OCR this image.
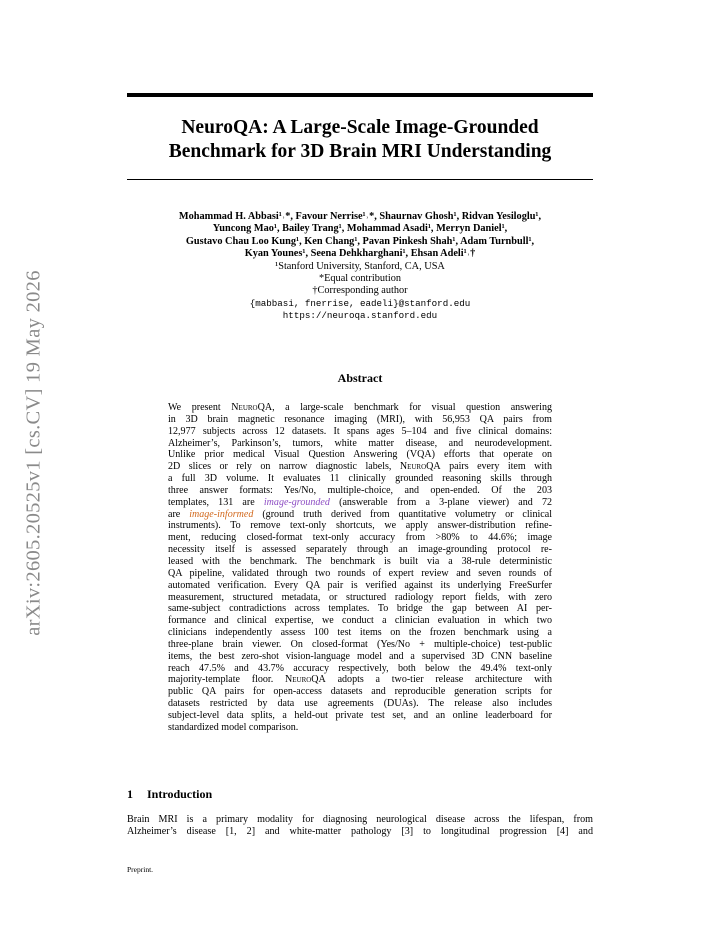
arXiv:2605.20525v1 [cs.CV] 19 May 2026
NeuroQA: A Large-Scale Image-Grounded
Benchmark for 3D Brain MRI Understanding
Mohammad H. Abbasi¹˒*, Favour Nerrise¹˒*, Shaurnav Ghosh¹, Ridvan Yesiloglu¹,
Yuncong Mao¹, Bailey Trang¹, Mohammad Asadi¹, Merryn Daniel¹,
Gustavo Chau Loo Kung¹, Ken Chang¹, Pavan Pinkesh Shah¹, Adam Turnbull¹,
Kyan Younes¹, Seena Dehkharghani¹, Ehsan Adeli¹˒†
¹Stanford University, Stanford, CA, USA
*Equal contribution
†Corresponding author
{mabbasi, fnerrise, eadeli}@stanford.edu
https://neuroqa.stanford.edu
Abstract
We present NeuroQA, a large-scale benchmark for visual question answering
in 3D brain magnetic resonance imaging (MRI), with 56,953 QA pairs from
12,977 subjects across 12 datasets. It spans ages 5–104 and five clinical domains:
Alzheimer’s, Parkinson’s, tumors, white matter disease, and neurodevelopment.
Unlike prior medical Visual Question Answering (VQA) efforts that operate on
2D slices or rely on narrow diagnostic labels, NeuroQA pairs every item with
a full 3D volume. It evaluates 11 clinically grounded reasoning skills through
three answer formats: Yes/No, multiple-choice, and open-ended. Of the 203
templates, 131 are image-grounded (answerable from a 3-plane viewer) and 72
are image-informed (ground truth derived from quantitative volumetry or clinical
instruments). To remove text-only shortcuts, we apply answer-distribution refine-
ment, reducing closed-format text-only accuracy from >80% to 44.6%; image
necessity itself is assessed separately through an image-grounding protocol re-
leased with the benchmark. The benchmark is built via a 38-rule deterministic
QA pipeline, validated through two rounds of expert review and seven rounds of
automated verification. Every QA pair is verified against its underlying FreeSurfer
measurement, structured metadata, or structured radiology report fields, with zero
same-subject contradictions across templates. To bridge the gap between AI per-
formance and clinical expertise, we conduct a clinician evaluation in which two
clinicians independently assess 100 test items on the frozen benchmark using a
three-plane brain viewer. On closed-format (Yes/No + multiple-choice) test-public
items, the best zero-shot vision-language model and a supervised 3D CNN baseline
reach 47.5% and 43.7% accuracy respectively, both below the 49.4% text-only
majority-template floor. NeuroQA adopts a two-tier release architecture with
public QA pairs for open-access datasets and reproducible generation scripts for
datasets restricted by data use agreements (DUAs). The release also includes
subject-level data splits, a held-out private test set, and an online leaderboard for
standardized model comparison.
1 Introduction
Brain MRI is a primary modality for diagnosing neurological disease across the lifespan, from
Alzheimer’s disease [1, 2] and white-matter pathology [3] to longitudinal progression [4] and
Preprint.
